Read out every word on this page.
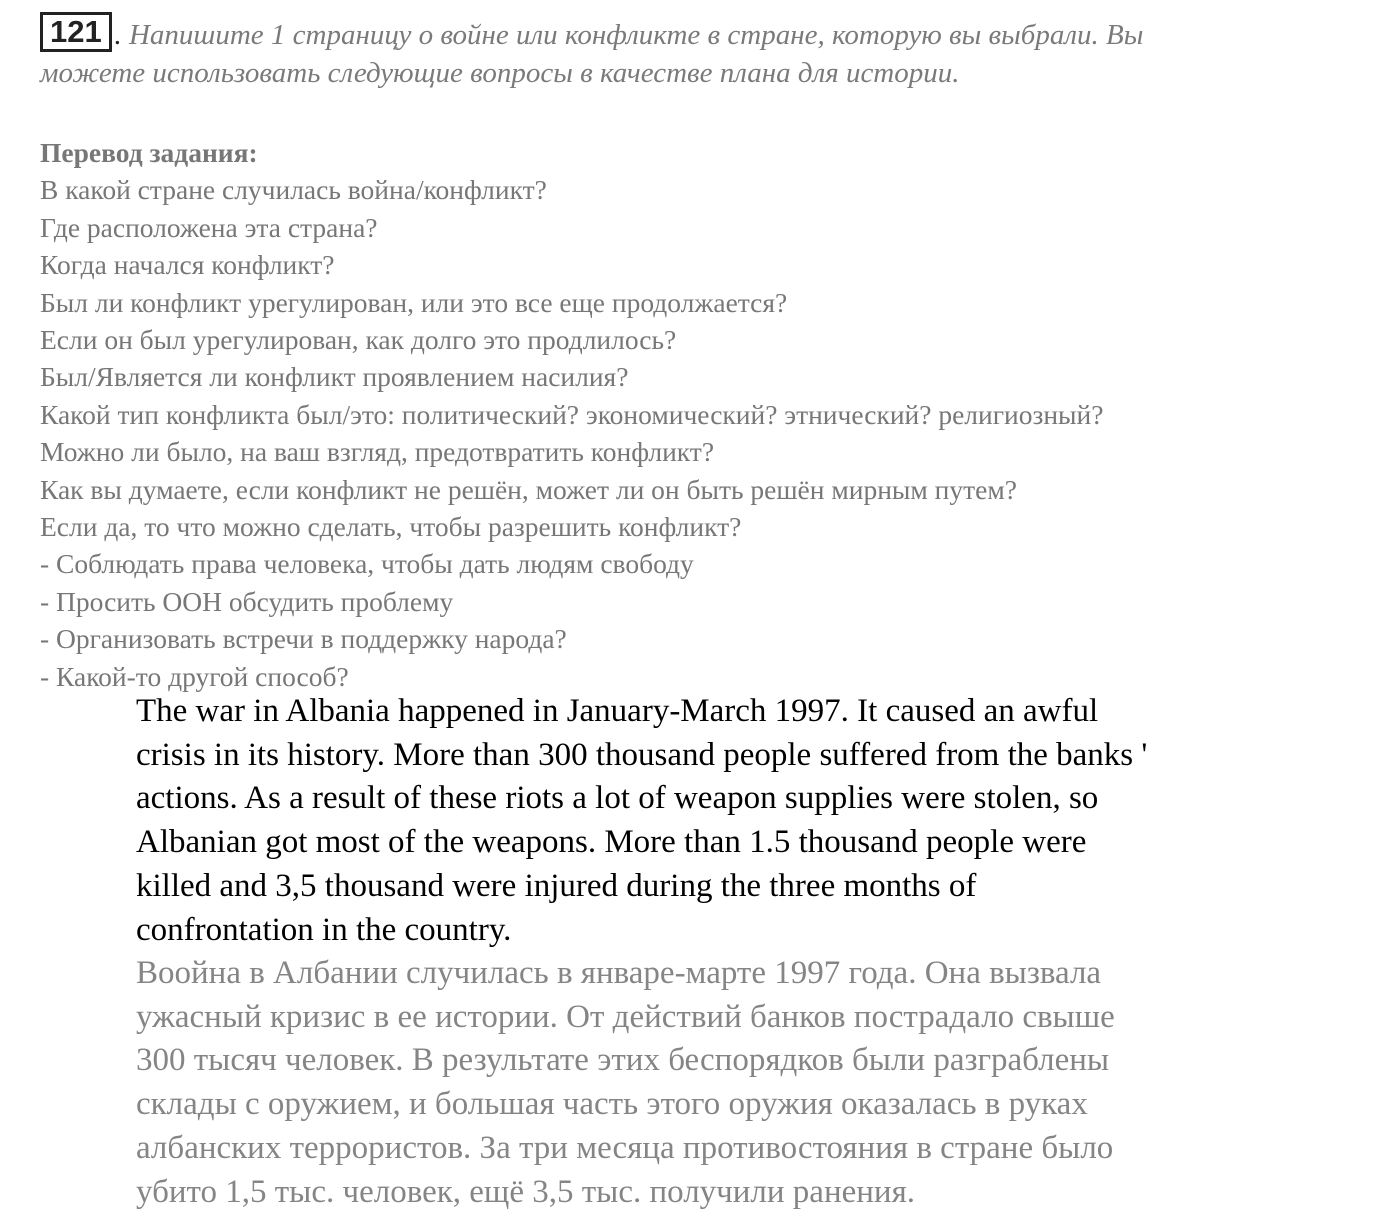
121 . Напишите 1 страницу о войне или конфликте в стране, которую вы выбрали. Вы
можете использовать следующие вопросы в качестве плана для истории.
Перевод задания:
В какой стране случилась война/конфликт?
Где расположена эта страна?
Когда начался конфликт?
Был ли конфликт урегулирован, или это все еще продолжается?
Если он был урегулирован, как долго это продлилось?
Был/Является ли конфликт проявлением насилия?
Какой тип конфликта был/это: политический? экономический? этнический? религиозный?
Можно ли было, на ваш взгляд, предотвратить конфликт?
Как вы думаете, если конфликт не решён, может ли он быть решён мирным путем?
Если да, то что можно сделать, чтобы разрешить конфликт?
- Соблюдать права человека, чтобы дать людям свободу
- Просить ООН обсудить проблему
- Организовать встречи в поддержку народа?
- Какой-то другой способ?
The war in Albania happened in January-March 1997. It caused an awful
crisis in its history. More than 300 thousand people suffered from the banks '
actions. As a result of these riots a lot of weapon supplies were stolen, so
Albanian got most of the weapons. More than 1.5 thousand people were
killed and 3,5 thousand were injured during the three months of
confrontation in the country.
Воойна в Албании случилась в январе-марте 1997 года. Она вызвала
ужасный кризис в ее истории. От действий банков пострадало свыше
300 тысяч человек. В результате этих беспорядков были разграблены
склады с оружием, и большая часть этого оружия оказалась в руках
албанских террористов. За три месяца противостояния в стране было
убито 1,5 тыс. человек, ещё 3,5 тыс. получили ранения.
